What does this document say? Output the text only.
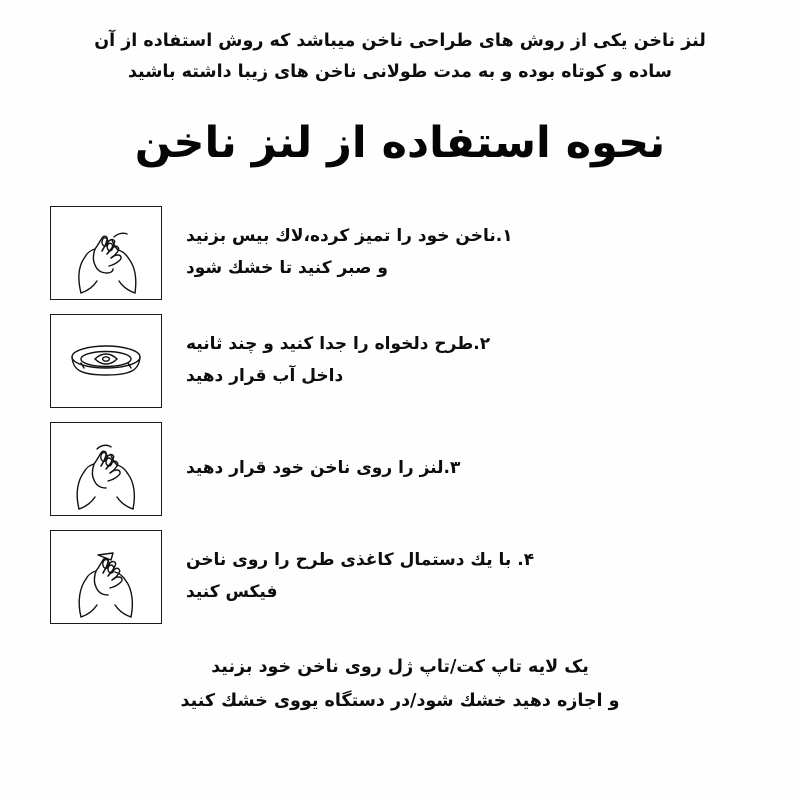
لنز ناخن یکی از روش های طراحی ناخن میباشد که روش استفاده از آن
ساده و کوتاه بوده و به مدت طولانی ناخن های زیبا داشته باشید
نحوه استفاده از لنز ناخن
۱.ناخن خود را تمیز کرده،لاك بیس بزنید
و صبر كنید تا خشك شود
۲.طرح دلخواه را جدا كنید و چند ثانیه
داخل آب قرار دهید
۳.لنز را روی ناخن خود قرار دهید
۴. با یك دستمال كاغذی طرح را روی ناخن
فیكس كنید
یک لایه تاپ كت/تاپ ژل روی ناخن خود بزنید
و اجازه دهید خشك شود/در دستگاه یووی خشك كنید
